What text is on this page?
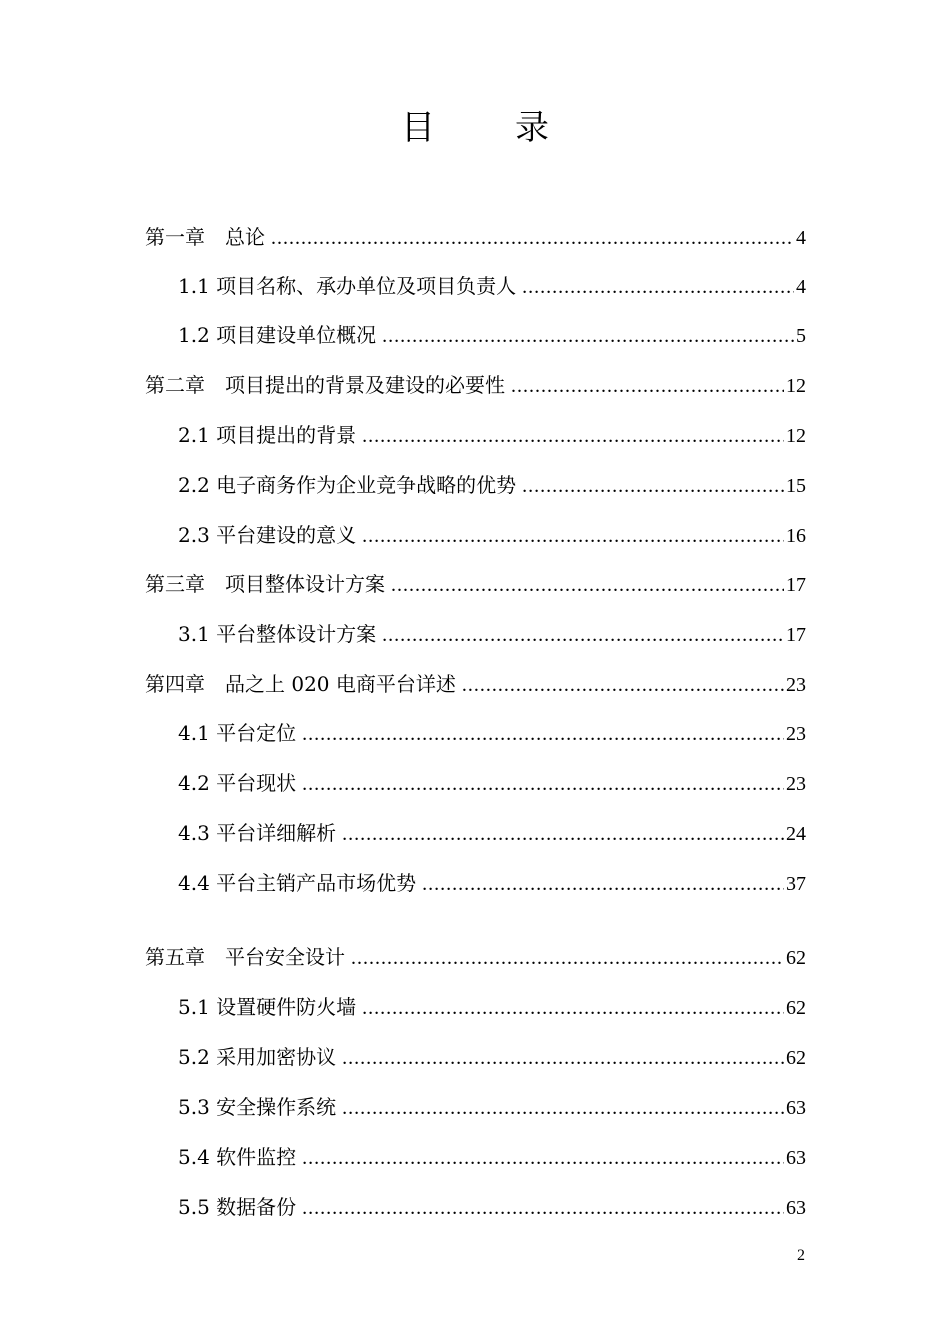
目 录
第一章　总论 .....	4
1.1 项目名称、承办单位及项目负责人 .....	4
1.2 项目建设单位概况 .....	5
第二章　项目提出的背景及建设的必要性 .....	12
2.1 项目提出的背景 .....	12
2.2 电子商务作为企业竞争战略的优势 .....	15
2.3 平台建设的意义 .....	16
第三章　项目整体设计方案 .....	17
3.1 平台整体设计方案 .....	17
第四章　品之上 020 电商平台详述 .....	23
4.1 平台定位 .....	23
4.2 平台现状 .....	23
4.3 平台详细解析 .....	24
4.4 平台主销产品市场优势 .....	37
第五章　平台安全设计 .....	62
5.1 设置硬件防火墙 .....	62
5.2 采用加密协议 .....	62
5.3 安全操作系统 .....	63
5.4 软件监控 .....	63
5.5 数据备份 .....	63
2
